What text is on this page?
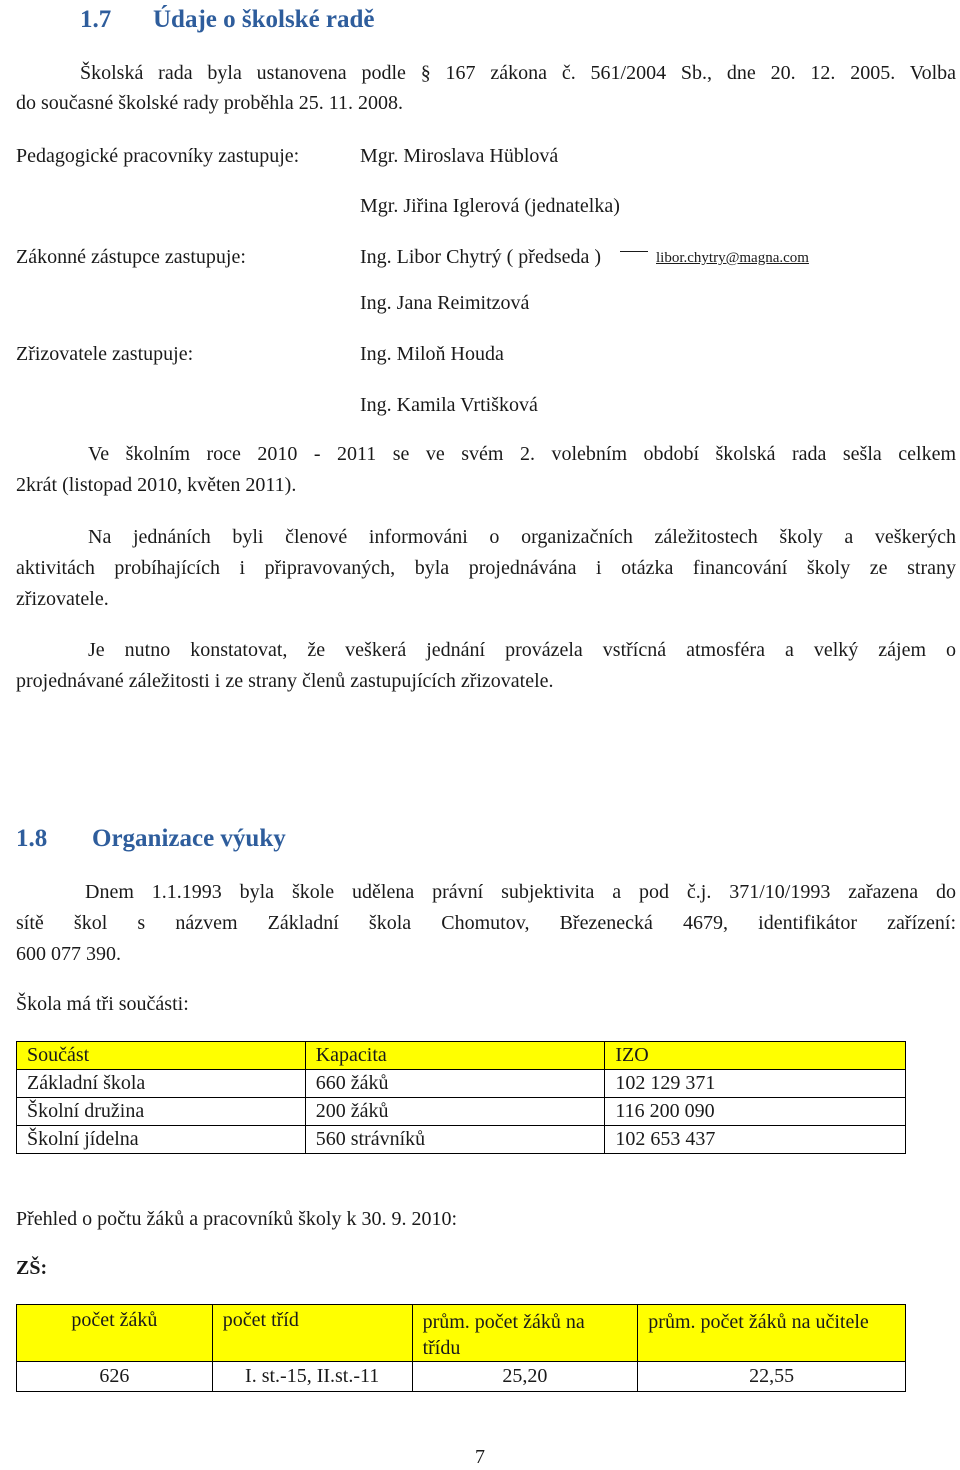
1.7 Údaje o školské radě
Školská rada byla ustanovena podle § 167 zákona č. 561/2004 Sb., dne 20. 12. 2005. Volba
do současné školské rady proběhla 25. 11. 2008.
Pedagogické pracovníky zastupuje:	Mgr. Miroslava Hüblová
Mgr. Jiřina Iglerová (jednatelka)
Zákonné zástupce zastupuje:	Ing. Libor Chytrý ( předseda )	libor.chytry@magna.com
Ing. Jana Reimitzová
Zřizovatele zastupuje:	Ing. Miloň Houda
Ing. Kamila Vrtišková
Ve školním roce 2010 - 2011 se ve svém 2. volebním období školská rada sešla celkem
2krát (listopad 2010, květen 2011).
Na jednáních byli členové informováni o organizačních záležitostech školy a veškerých
aktivitách probíhajících i připravovaných, byla projednávána i otázka financování školy ze strany
zřizovatele.
Je nutno konstatovat, že veškerá jednání provázela vstřícná atmosféra a velký zájem o
projednávané záležitosti i ze strany členů zastupujících zřizovatele.
1.8 Organizace výuky
Dnem 1.1.1993 byla škole udělena právní subjektivita a pod č.j. 371/10/1993 zařazena do
sítě škol s názvem Základní škola Chomutov, Březenecká 4679, identifikátor zařízení:
600 077 390.
Škola má tři součásti:
Součást	Kapacita	IZO
Základní škola	660 žáků	102 129 371
Školní družina	200 žáků	116 200 090
Školní jídelna	560 strávníků	102 653 437
Přehled o počtu žáků a pracovníků školy k 30. 9. 2010:
ZŠ:
počet žáků	počet tříd	prům. počet žáků na třídu	prům. počet žáků na učitele
626	I. st.-15, II.st.-11	25,20	22,55
7
